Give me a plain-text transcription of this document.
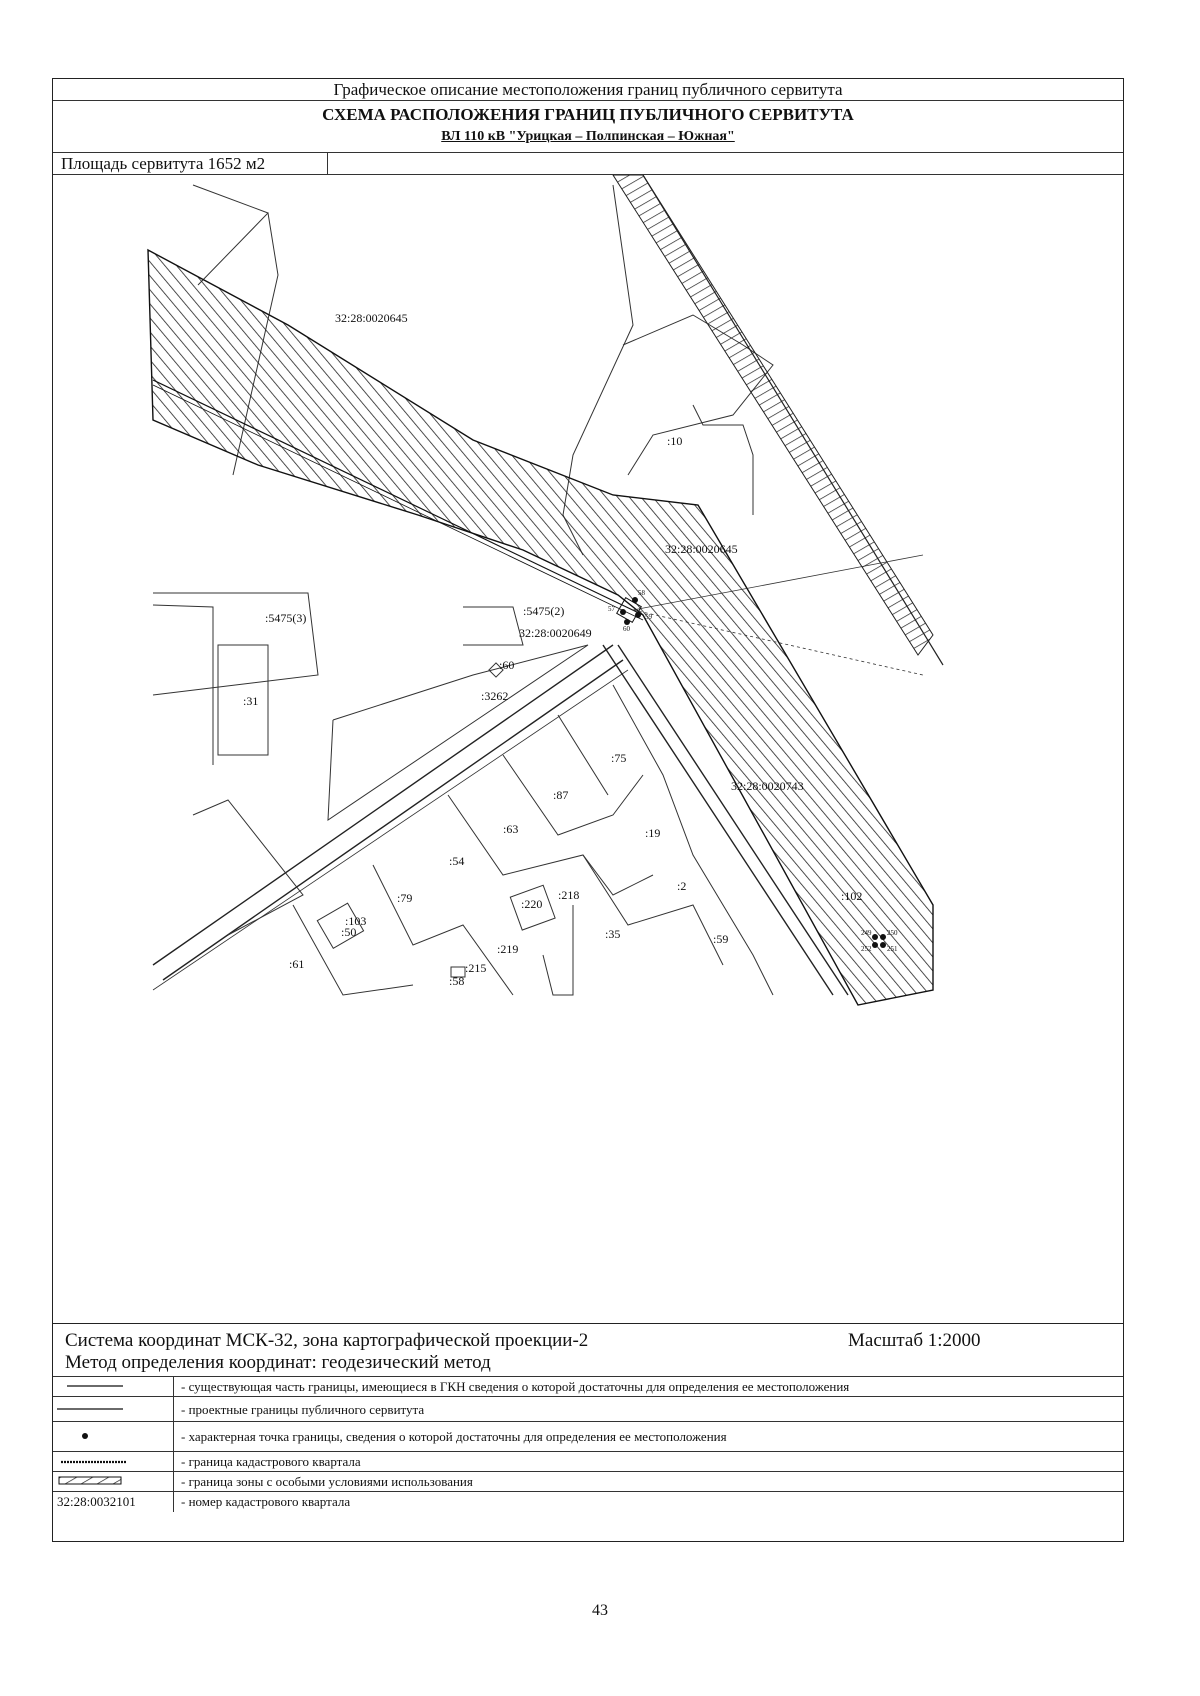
Графическое описание местоположения границ публичного сервитута
СХЕМА РАСПОЛОЖЕНИЯ ГРАНИЦ ПУБЛИЧНОГО СЕРВИТУТА
ВЛ 110 кВ "Урицкая – Полпинская – Южная"
Площадь сервитута 1652 м2
32:28:0020645
32:28:0020645
32:28:0020649
32:28:0020743
:10
:5475(2)
:5475(3)
:60
:31	:3262
:75
:87
:63	:19
:54
:79	:220
:218
:2
:102
:103
:50
:219
:35	:59
:215
:61
:58
57
58
59
60
249 250
251
252
Система координат МСК-32, зона картографической проекции-2	Масштаб 1:2000
Метод определения координат: геодезический метод
- существующая часть границы, имеющиеся в ГКН сведения о которой достаточны для определения ее местоположения
- проектные границы публичного сервитута
- характерная точка границы, сведения о которой достаточны для определения ее местоположения
- граница кадастрового квартала
- граница зоны с особыми условиями использования
32:28:0032101	- номер кадастрового квартала
43
